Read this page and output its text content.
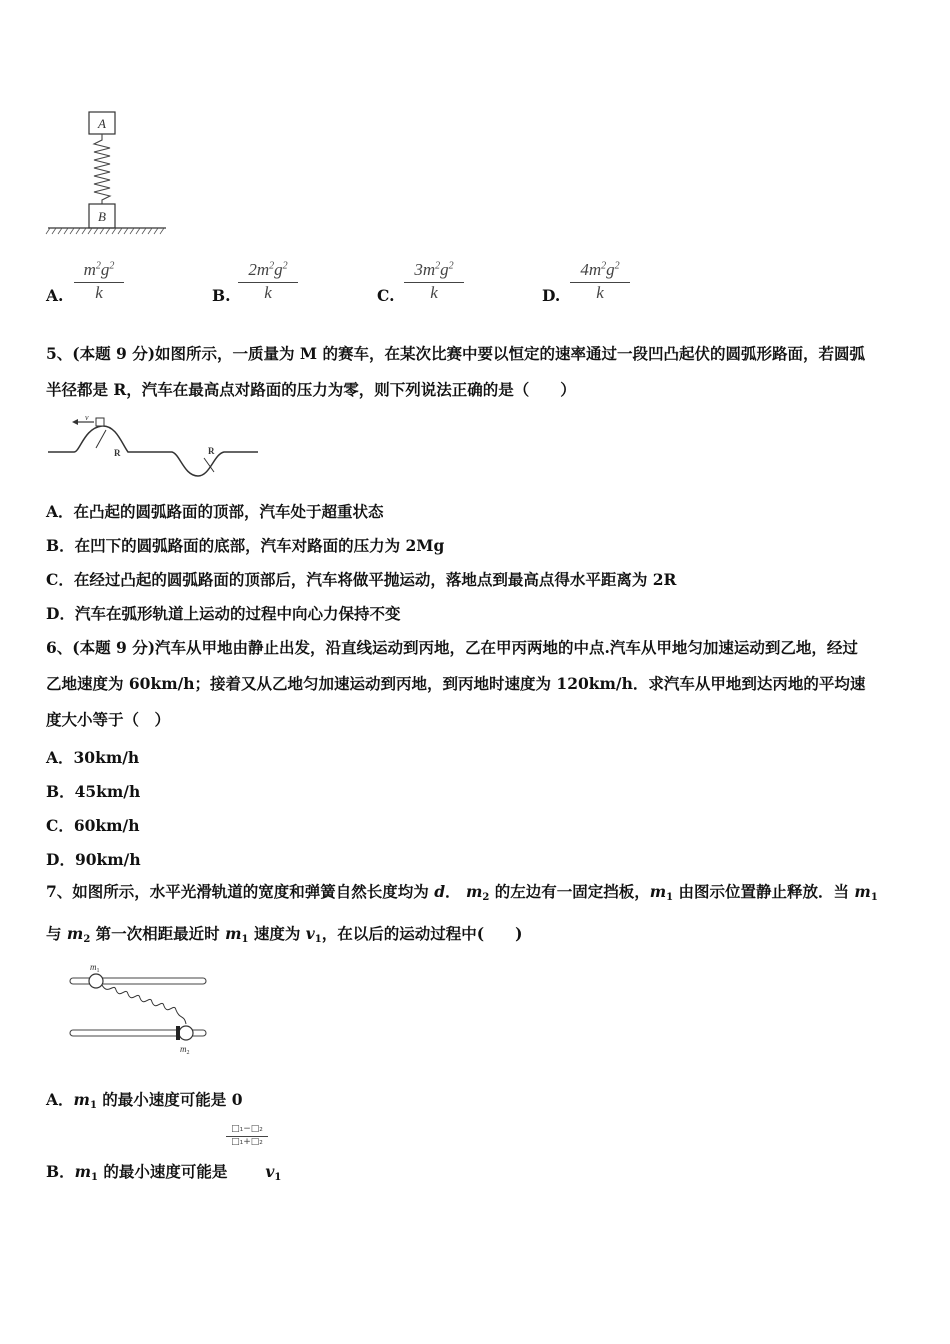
A
B
A.
$m^2g^2$
k	B.
$2m^2g^2$
k	C.
$3m^2g^2$
k	D.
$4m^2g^2$
k
5、(本题 9 分)如图所示，一质量为 M 的赛车，在某次比赛中要以恒定的速率通过一段凹凸起伏的圆弧形路面，若圆弧
半径都是 R，汽车在最高点对路面的压力为零，则下列说法正确的是（　　）
v
R	R
A．在凸起的圆弧路面的顶部，汽车处于超重状态
B．在凹下的圆弧路面的底部，汽车对路面的压力为 2Mg
C．在经过凸起的圆弧路面的顶部后，汽车将做平抛运动，落地点到最高点得水平距离为 2R
D．汽车在弧形轨道上运动的过程中向心力保持不变
6、(本题 9 分)汽车从甲地由静止出发，沿直线运动到丙地，乙在甲丙两地的中点.汽车从甲地匀加速运动到乙地，经过
乙地速度为 60km/h；接着又从乙地匀加速运动到丙地，到丙地时速度为 120km/h．求汽车从甲地到达丙地的平均速
度大小等于（　）
A．30km/h
B．45km/h
C．60km/h
D．90km/h
7、如图所示，水平光滑轨道的宽度和弹簧自然长度均为 d． $m_2$ 的左边有一固定挡板，$m_1$ 由图示位置静止释放．当 $m_1$
与 $m_2$ 第一次相距最近时 $m_1$ 速度为 $v_1$，在以后的运动过程中(　　)
$m_1$
$m_2$
A．$m_1$ 的最小速度可能是 0
□₁−□₂
□₁+□₂
B．$m_1$ 的最小速度可能是 $v_1$
